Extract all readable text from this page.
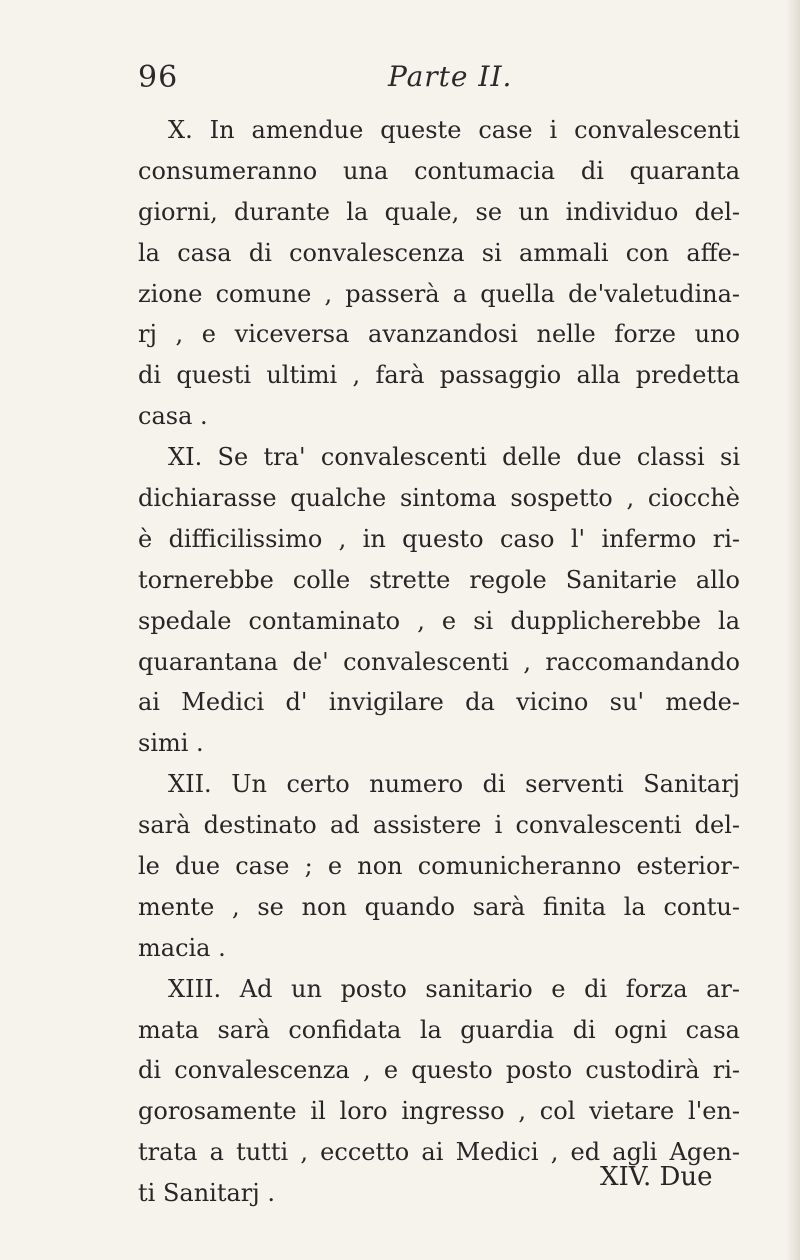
96	Parte II.
X. In amendue queste case i convalescenti
consumeranno una contumacia di quaranta
giorni, durante la quale, se un individuo del-
la casa di convalescenza si ammali con affe-
zione comune , passerà a quella de'valetudina-
rj , e viceversa avanzandosi nelle forze uno
di questi ultimi , farà passaggio alla predetta
casa .
XI. Se tra' convalescenti delle due classi si
dichiarasse qualche sintoma sospetto , ciocchè
è difficilissimo , in questo caso l' infermo ri-
tornerebbe colle strette regole Sanitarie allo
spedale contaminato , e si dupplicherebbe la
quarantana de' convalescenti , raccomandando
ai Medici d' invigilare da vicino su' mede-
simi .
XII. Un certo numero di serventi Sanitarj
sarà destinato ad assistere i convalescenti del-
le due case ; e non comunicheranno esterior-
mente , se non quando sarà finita la contu-
macia .
XIII. Ad un posto sanitario e di forza ar-
mata sarà confidata la guardia di ogni casa
di convalescenza , e questo posto custodirà ri-
gorosamente il loro ingresso , col vietare l'en-
trata a tutti , eccetto ai Medici , ed agli Agen-
ti Sanitarj .
XIV. Due
